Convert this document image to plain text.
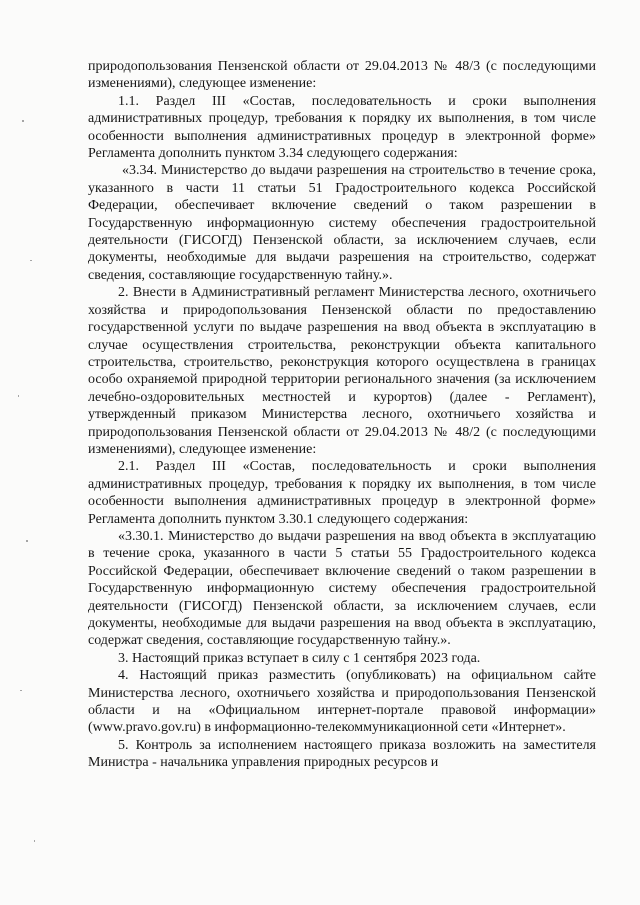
природопользования Пензенской области от 29.04.2013 № 48/3 (с последующими изменениями), следующее изменение:

1.1. Раздел III «Состав, последовательность и сроки выполнения административных процедур, требования к порядку их выполнения, в том числе особенности выполнения административных процедур в электронной форме» Регламента дополнить пунктом 3.34 следующего содержания:

«3.34. Министерство до выдачи разрешения на строительство в течение срока, указанного в части 11 статьи 51 Градостроительного кодекса Российской Федерации, обеспечивает включение сведений о таком разрешении в Государственную информационную систему обеспечения градостроительной деятельности (ГИСОГД) Пензенской области, за исключением случаев, если документы, необходимые для выдачи разрешения на строительство, содержат сведения, составляющие государственную тайну.».

2. Внести в Административный регламент Министерства лесного, охотничьего хозяйства и природопользования Пензенской области по предоставлению государственной услуги по выдаче разрешения на ввод объекта в эксплуатацию в случае осуществления строительства, реконструкции объекта капитального строительства, строительство, реконструкция которого осуществлена в границах особо охраняемой природной территории регионального значения (за исключением лечебно-оздоровительных местностей и курортов) (далее - Регламент), утвержденный приказом Министерства лесного, охотничьего хозяйства и природопользования Пензенской области от 29.04.2013 № 48/2 (с последующими изменениями), следующее изменение:

2.1. Раздел III «Состав, последовательность и сроки выполнения административных процедур, требования к порядку их выполнения, в том числе особенности выполнения административных процедур в электронной форме» Регламента дополнить пунктом 3.30.1 следующего содержания:

«3.30.1. Министерство до выдачи разрешения на ввод объекта в эксплуатацию в течение срока, указанного в части 5 статьи 55 Градостроительного кодекса Российской Федерации, обеспечивает включение сведений о таком разрешении в Государственную информационную систему обеспечения градостроительной деятельности (ГИСОГД) Пензенской области, за исключением случаев, если документы, необходимые для выдачи разрешения на ввод объекта в эксплуатацию, содержат сведения, составляющие государственную тайну.».

3. Настоящий приказ вступает в силу с 1 сентября 2023 года.

4. Настоящий приказ разместить (опубликовать) на официальном сайте Министерства лесного, охотничьего хозяйства и природопользования Пензенской области и на «Официальном интернет-портале правовой информации» (www.pravo.gov.ru) в информационно-телекоммуникационной сети «Интернет».

5. Контроль за исполнением настоящего приказа возложить на заместителя Министра - начальника управления природных ресурсов и
